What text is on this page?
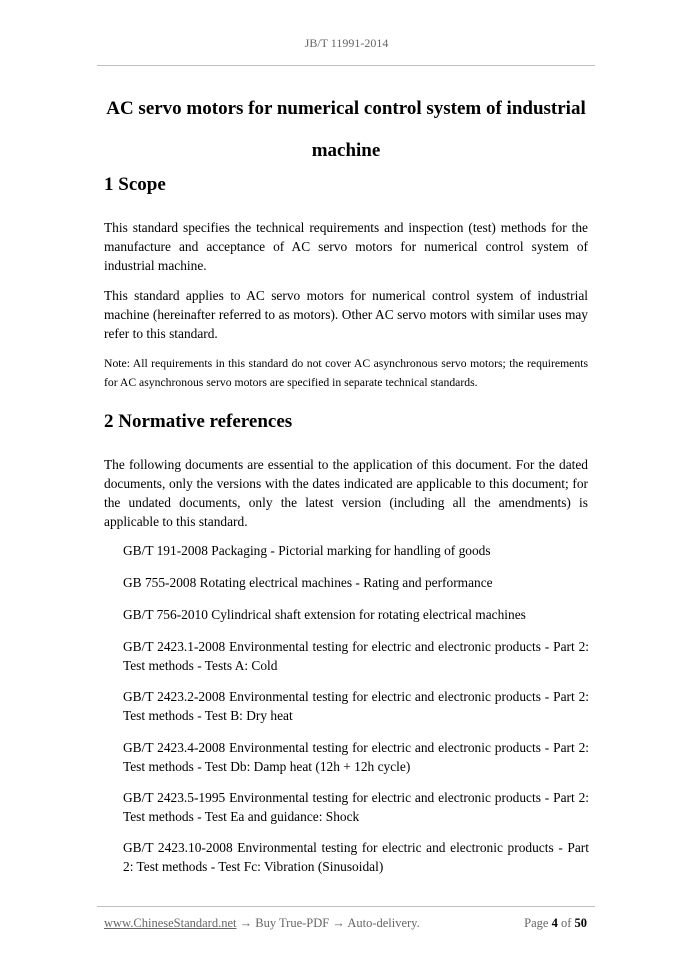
JB/T 11991-2014
AC servo motors for numerical control system of industrial
machine
1 Scope

This standard specifies the technical requirements and inspection (test) methods for the manufacture and acceptance of AC servo motors for numerical control system of industrial machine.

This standard applies to AC servo motors for numerical control system of industrial machine (hereinafter referred to as motors). Other AC servo motors with similar uses may refer to this standard.

Note: All requirements in this standard do not cover AC asynchronous servo motors; the requirements for AC asynchronous servo motors are specified in separate technical standards.

2 Normative references

The following documents are essential to the application of this document. For the dated documents, only the versions with the dates indicated are applicable to this document; for the undated documents, only the latest version (including all the amendments) is applicable to this standard.

GB/T 191-2008 Packaging - Pictorial marking for handling of goods

GB 755-2008 Rotating electrical machines - Rating and performance

GB/T 756-2010 Cylindrical shaft extension for rotating electrical machines

GB/T 2423.1-2008 Environmental testing for electric and electronic products - Part 2: Test methods - Tests A: Cold

GB/T 2423.2-2008 Environmental testing for electric and electronic products - Part 2: Test methods - Test B: Dry heat

GB/T 2423.4-2008 Environmental testing for electric and electronic products - Part 2: Test methods - Test Db: Damp heat (12h + 12h cycle)

GB/T 2423.5-1995 Environmental testing for electric and electronic products - Part 2: Test methods - Test Ea and guidance: Shock

GB/T 2423.10-2008 Environmental testing for electric and electronic products - Part 2: Test methods - Test Fc: Vibration (Sinusoidal)

www.ChineseStandard.net → Buy True-PDF → Auto-delivery.	Page 4 of 50
